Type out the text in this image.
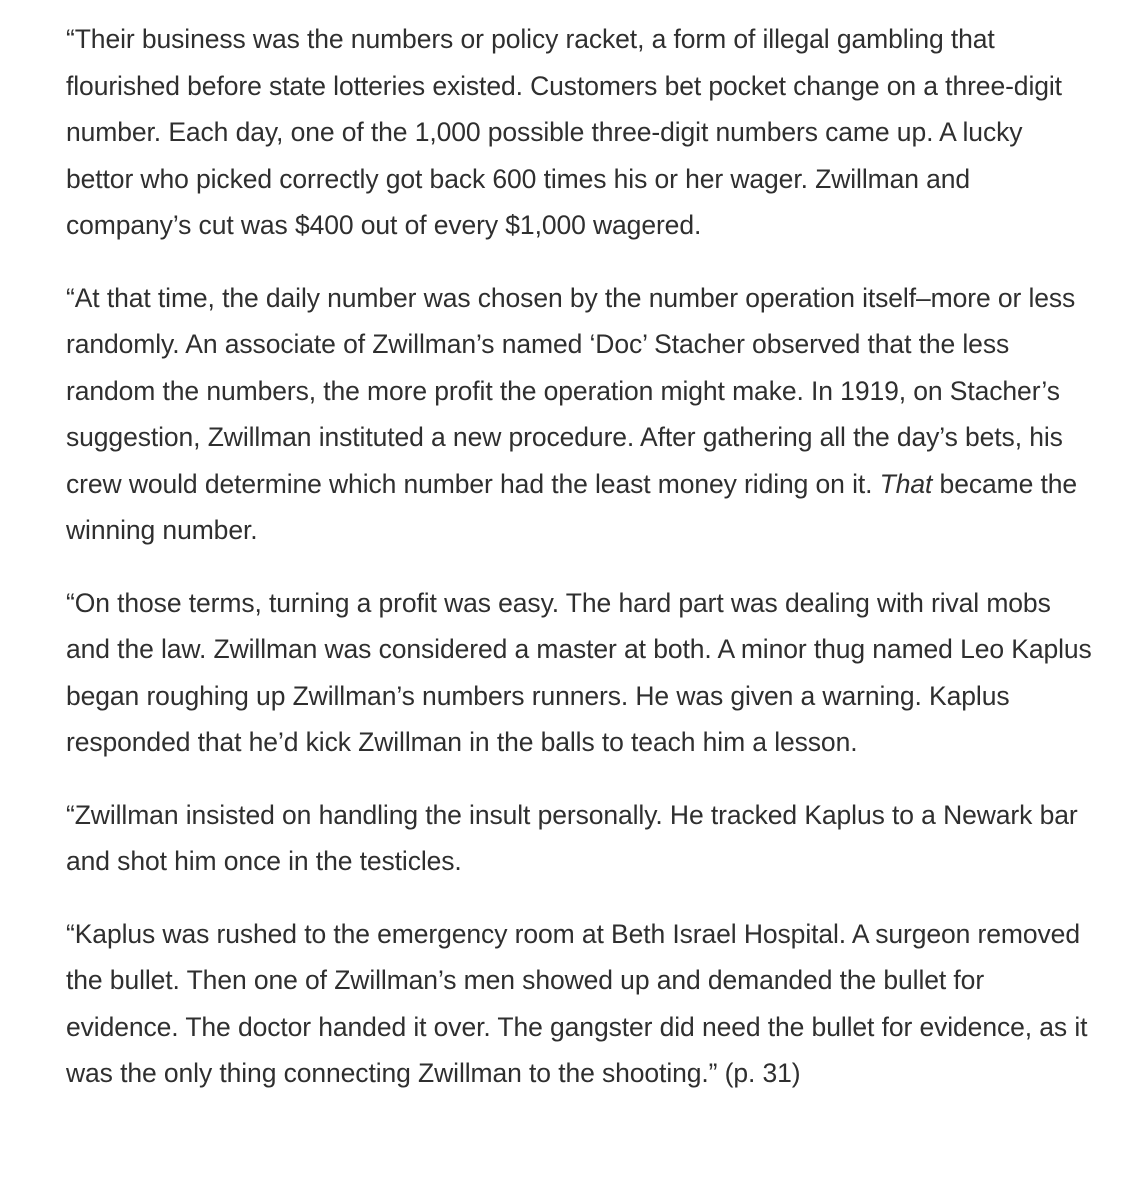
“Their business was the numbers or policy racket, a form of illegal gambling that flourished before state lotteries existed. Customers bet pocket change on a three-digit number. Each day, one of the 1,000 possible three-digit numbers came up. A lucky bettor who picked correctly got back 600 times his or her wager. Zwillman and company’s cut was $400 out of every $1,000 wagered.

“At that time, the daily number was chosen by the number operation itself–more or less randomly. An associate of Zwillman’s named ‘Doc’ Stacher observed that the less random the numbers, the more profit the operation might make. In 1919, on Stacher’s suggestion, Zwillman instituted a new procedure. After gathering all the day’s bets, his crew would determine which number had the least money riding on it. That became the winning number.

“On those terms, turning a profit was easy. The hard part was dealing with rival mobs and the law. Zwillman was considered a master at both. A minor thug named Leo Kaplus began roughing up Zwillman’s numbers runners. He was given a warning. Kaplus responded that he’d kick Zwillman in the balls to teach him a lesson.

“Zwillman insisted on handling the insult personally. He tracked Kaplus to a Newark bar and shot him once in the testicles.

“Kaplus was rushed to the emergency room at Beth Israel Hospital. A surgeon removed the bullet. Then one of Zwillman’s men showed up and demanded the bullet for evidence. The doctor handed it over. The gangster did need the bullet for evidence, as it was the only thing connecting Zwillman to the shooting.” (p. 31)
